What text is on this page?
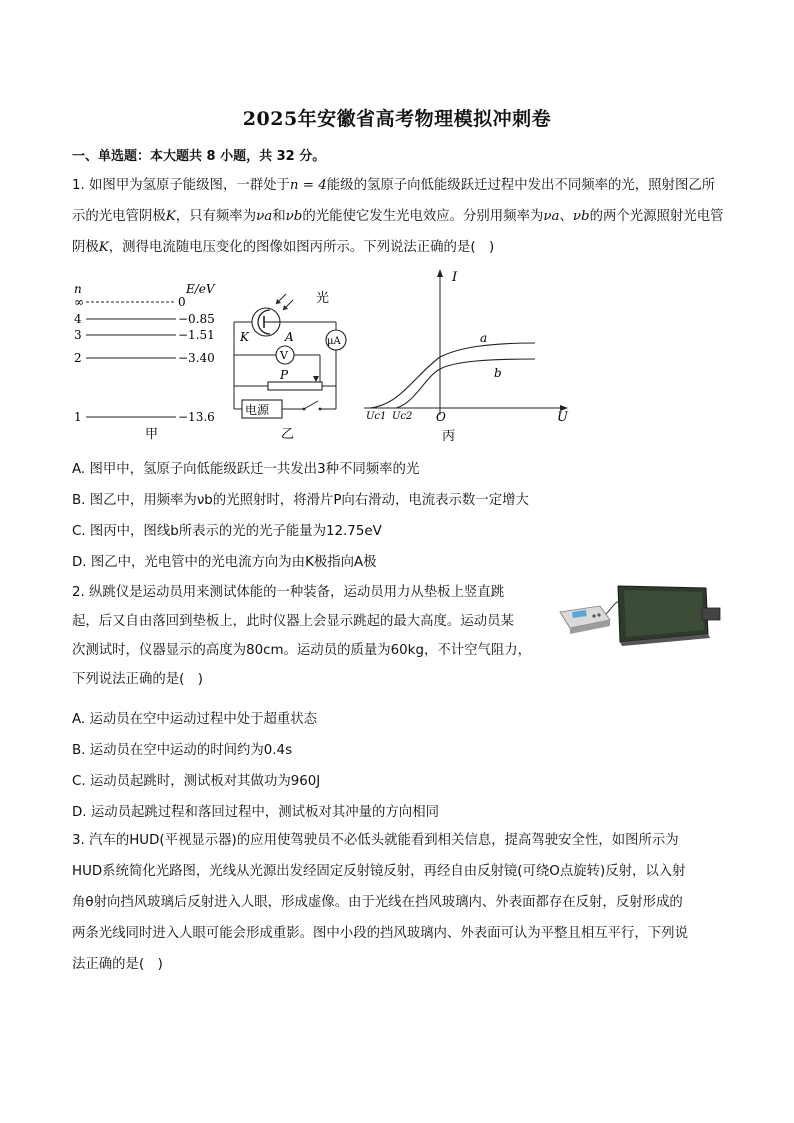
2025年安徽省高考物理模拟冲刺卷
一、单选题：本大题共 8 小题，共 32 分。
1. 如图甲为氢原子能级图，一群处于n = 4能级的氢原子向低能级跃迁过程中发出不同频率的光，照射图乙所示的光电管阴极K，只有频率为νa和νb的光能使它发生光电效应。分别用频率为νa、νb的两个光源照射光电管阴极K，测得电流随电压变化的图像如图丙所示。下列说法正确的是(　)
n	E/eV
∞	0
4	−0.85
3	−1.51
2	−3.40
1	−13.6
甲
光
K	A	μA
V
P
电源
乙
I
U
O
a
b
Uc1 Uc2
丙
A. 图甲中，氢原子向低能级跃迁一共发出3种不同频率的光
B. 图乙中，用频率为νb的光照射时，将滑片P向右滑动，电流表示数一定增大
C. 图丙中，图线b所表示的光的光子能量为12.75eV
D. 图乙中，光电管中的光电流方向为由K极指向A极
2. 纵跳仪是运动员用来测试体能的一种装备，运动员用力从垫板上竖直跳
起，后又自由落回到垫板上，此时仪器上会显示跳起的最大高度。运动员某
次测试时，仪器显示的高度为80cm。运动员的质量为60kg，不计空气阻力，
下列说法正确的是(　)
A. 运动员在空中运动过程中处于超重状态
B. 运动员在空中运动的时间约为0.4s
C. 运动员起跳时，测试板对其做功为960J
D. 运动员起跳过程和落回过程中，测试板对其冲量的方向相同
3. 汽车的HUD(平视显示器)的应用使驾驶员不必低头就能看到相关信息，提高驾驶安全性，如图所示为
HUD系统简化光路图，光线从光源出发经固定反射镜反射，再经自由反射镜(可绕O点旋转)反射，以入射
角θ射向挡风玻璃后反射进入人眼，形成虚像。由于光线在挡风玻璃内、外表面都存在反射，反射形成的
两条光线同时进入人眼可能会形成重影。图中小段的挡风玻璃内、外表面可认为平整且相互平行，下列说
法正确的是(　)
